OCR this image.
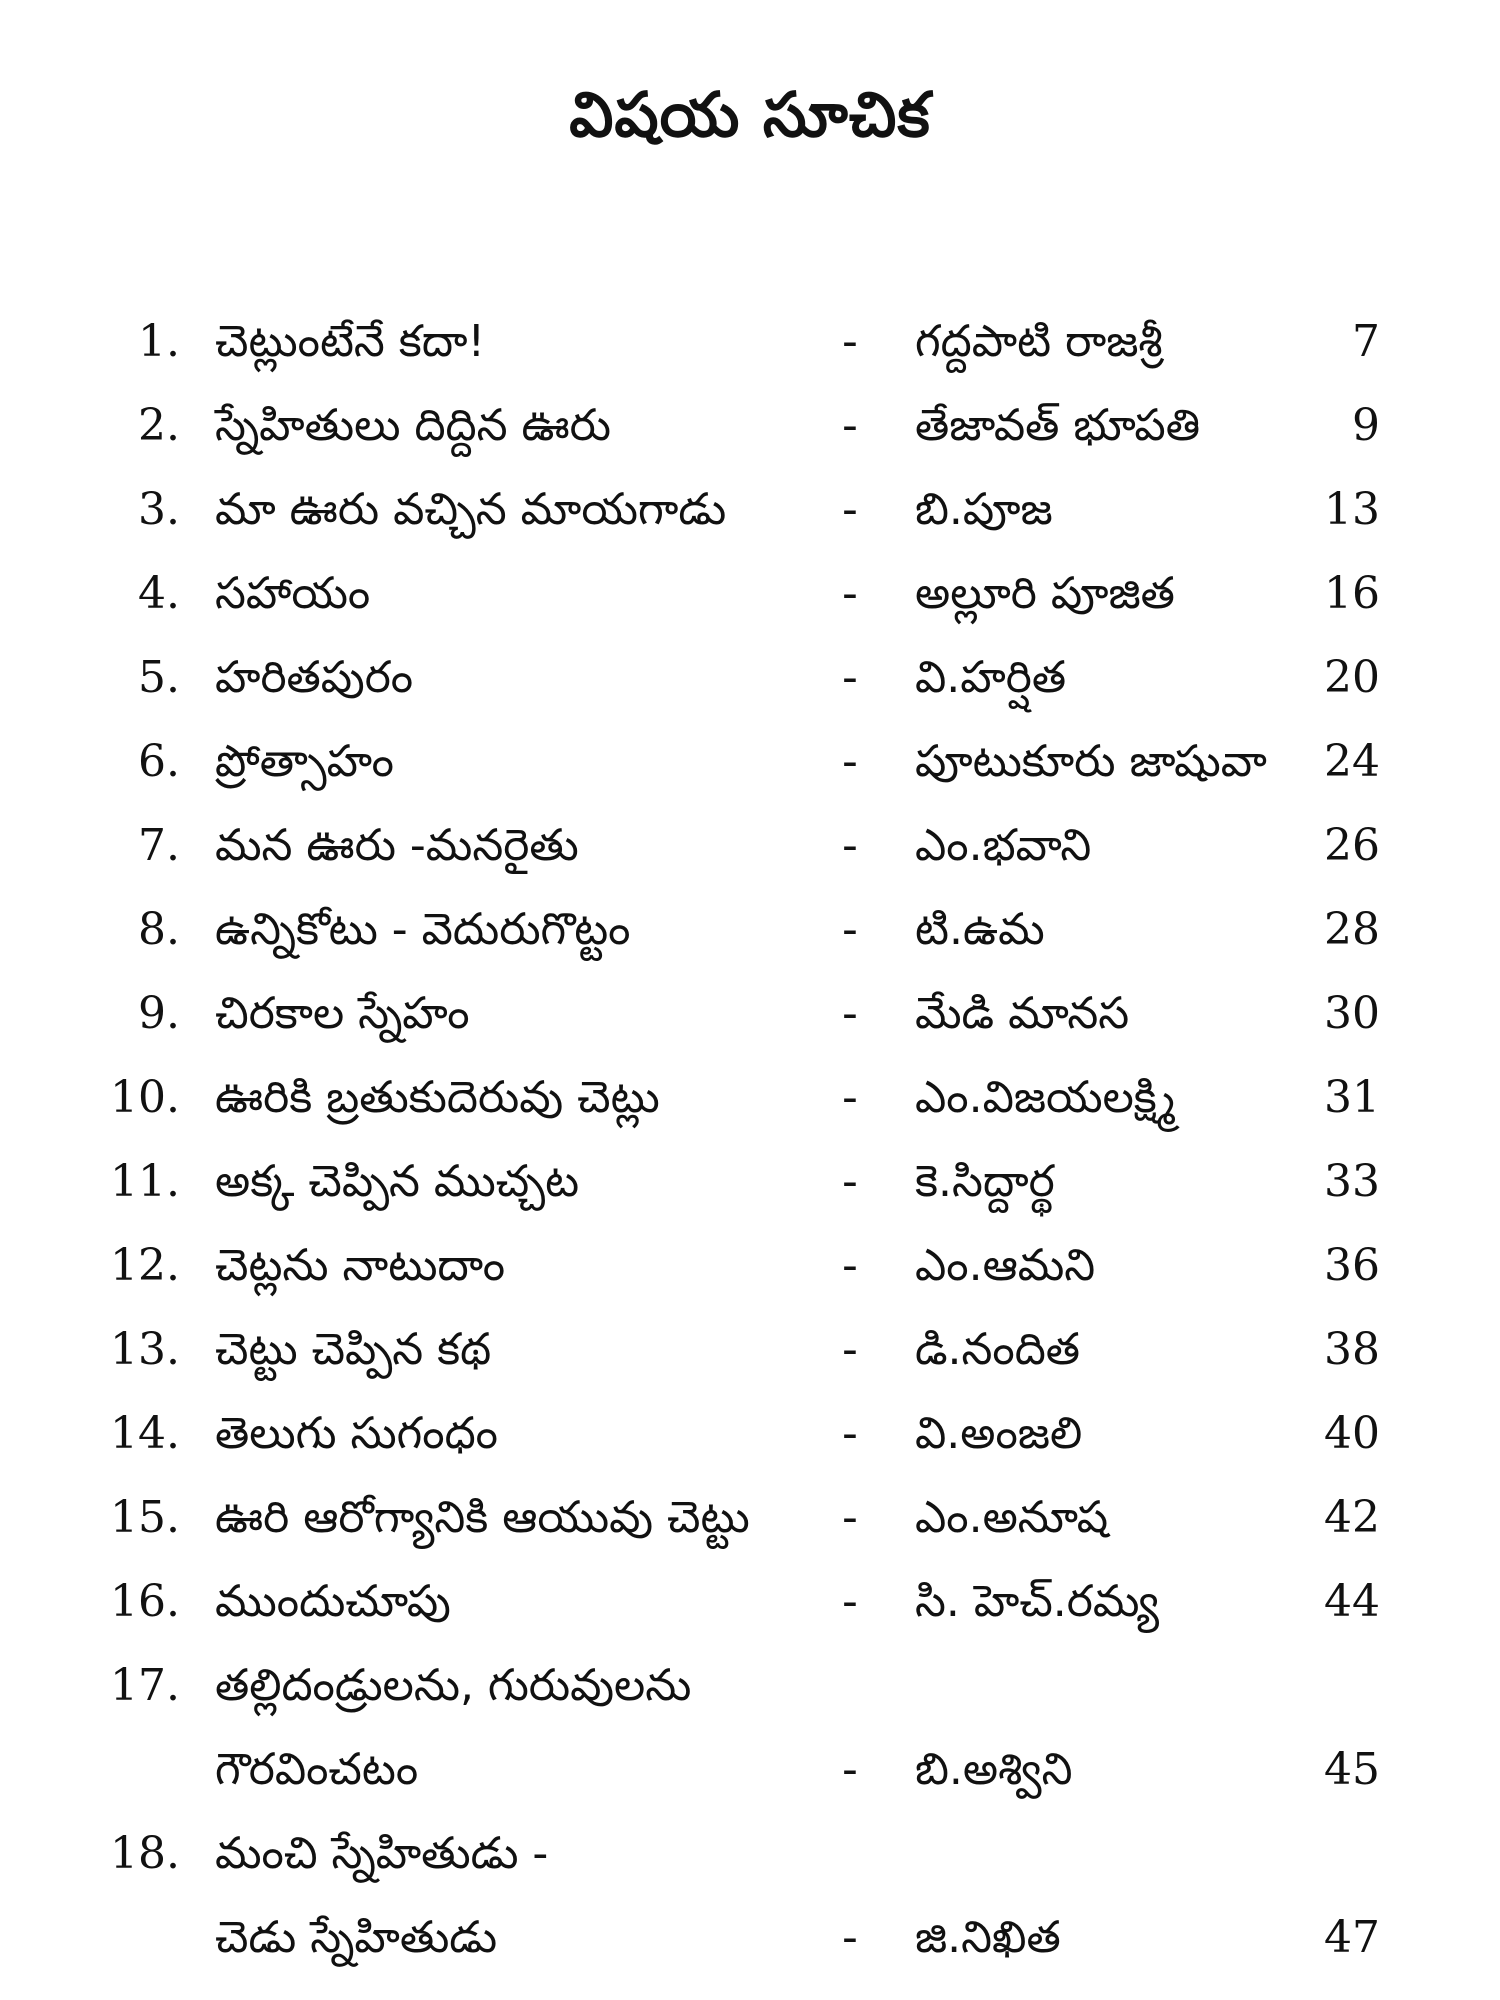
విషయ సూచిక
1. చెట్లుంటేనే కదా!	- గద్దపాటి రాజశ్రీ	7
2. స్నేహితులు దిద్దిన ఊరు	- తేజావత్ భూపతి	9
3. మా ఊరు వచ్చిన మాయగాడు	- బి.పూజ	13
4. సహాయం	- అల్లూరి పూజిత	16
5. హరితపురం	- వి.హర్షిత	20
6. ప్రోత్సాహం	- పూటుకూరు జాషువా	24
7. మన ఊరు -మనరైతు	- ఎం.భవాని	26
8. ఉన్నికోటు - వెదురుగొట్టం	- టి.ఉమ	28
9. చిరకాల స్నేహం	- మేడి మానస	30
10. ఊరికి బ్రతుకుదెరువు చెట్లు	- ఎం.విజయలక్ష్మి	31
11. అక్క చెప్పిన ముచ్చట	- కె.సిద్దార్థ	33
12. చెట్లను నాటుదాం	- ఎం.ఆమని	36
13. చెట్టు చెప్పిన కథ	- డి.నందిత	38
14. తెలుగు సుగంధం	- వి.అంజలి	40
15. ఊరి ఆరోగ్యానికి ఆయువు చెట్టు - ఎం.అనూష	42
16. ముందుచూపు	- సి. హెచ్.రమ్య	44
17. తల్లిదండ్రులను, గురువులను
గౌరవించటం	- బి.అశ్విని	45
18. మంచి స్నేహితుడు -
చెడు స్నేహితుడు	- జి.నిఖిత	47
